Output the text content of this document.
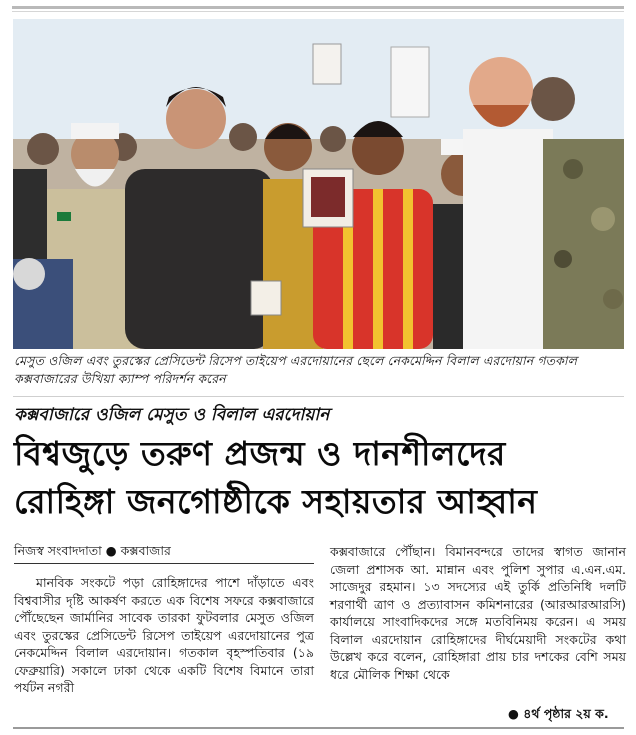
মেসুত ওজিল এবং তুরস্কের প্রেসিডেন্ট রিসেপ তাইয়েপ এরদোয়ানের ছেলে নেকমেদ্দিন বিলাল এরদোয়ান গতকাল কক্সবাজারের উখিয়া ক্যাম্প পরিদর্শন করেন
কক্সবাজারে ওজিল মেসুত ও বিলাল এরদোয়ান
বিশ্বজুড়ে তরুণ প্রজন্ম ও দানশীলদের
রোহিঙ্গা জনগোষ্ঠীকে সহায়তার আহ্বান
নিজস্ব সংবাদদাতা ● কক্সবাজার
মানবিক সংকটে পড়া রোহিঙ্গাদের পাশে দাঁড়াতে এবং বিশ্ববাসীর দৃষ্টি আকর্ষণ করতে এক বিশেষ সফরে কক্সবাজারে পৌঁছেছেন জার্মানির সাবেক তারকা ফুটবলার মেসুত ওজিল এবং তুরস্কের প্রেসিডেন্ট রিসেপ তাইয়েপ এরদোয়ানের পুত্র নেকমেদ্দিন বিলাল এরদোয়ান। গতকাল বৃহস্পতিবার (১৯ ফেব্রুয়ারি) সকালে ঢাকা থেকে একটি বিশেষ বিমানে তারা পর্যটন নগরী
কক্সবাজারে পৌঁছান। বিমানবন্দরে তাদের স্বাগত জানান জেলা প্রশাসক আ. মান্নান এবং পুলিশ সুপার এ.এন.এম. সাজেদুর রহমান। ১৩ সদস্যের এই তুর্কি প্রতিনিধি দলটি শরণার্থী ত্রাণ ও প্রত্যাবাসন কমিশনারের (আরআরআরসি) কার্যালয়ে সাংবাদিকদের সঙ্গে মতবিনিময় করেন। এ সময় বিলাল এরদোয়ান রোহিঙ্গাদের দীর্ঘমেয়াদী সংকটের কথা উল্লেখ করে বলেন, রোহিঙ্গারা প্রায় চার দশকের বেশি সময় ধরে মৌলিক শিক্ষা থেকে
● ৪র্থ পৃষ্ঠার ২য় ক.
